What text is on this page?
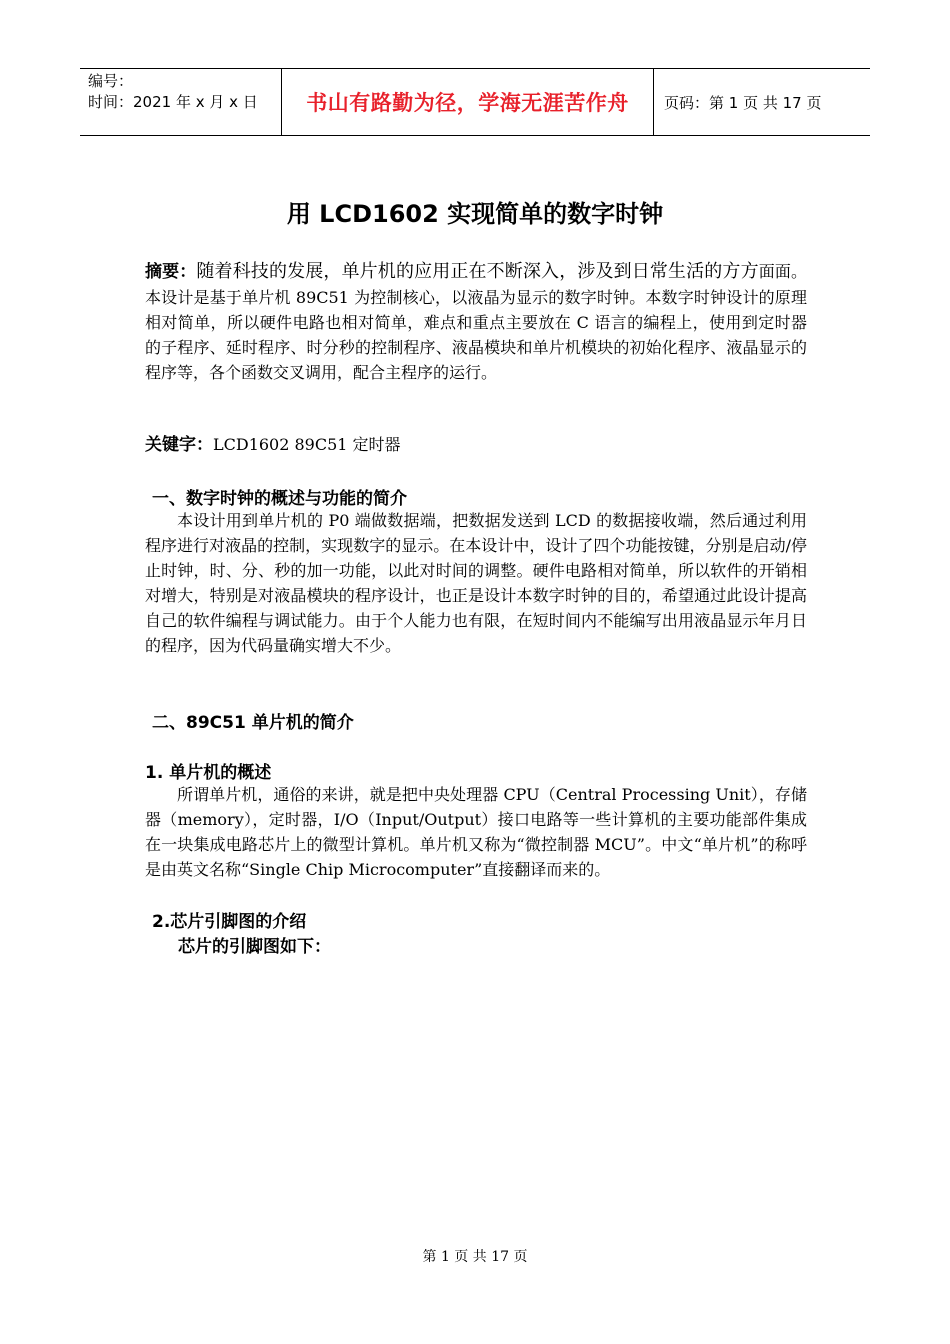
编号：
时间：2021 年 x 月 x 日	书山有路勤为径，学海无涯苦作舟	页码：第 1 页 共 17 页
用 LCD1602 实现简单的数字时钟
摘要：随着科技的发展，单片机的应用正在不断深入，涉及到日常生活的方方面面。本设计是基于单片机 89C51 为控制核心，以液晶为显示的数字时钟。本数字时钟设计的原理相对简单，所以硬件电路也相对简单，难点和重点主要放在 C 语言的编程上，使用到定时器的子程序、延时程序、时分秒的控制程序、液晶模块和单片机模块的初始化程序、液晶显示的程序等，各个函数交叉调用，配合主程序的运行。
关键字：LCD1602 89C51 定时器
一、数字时钟的概述与功能的简介
本设计用到单片机的 P0 端做数据端，把数据发送到 LCD 的数据接收端，然后通过利用程序进行对液晶的控制，实现数字的显示。在本设计中，设计了四个功能按键，分别是启动/停止时钟，时、分、秒的加一功能，以此对时间的调整。硬件电路相对简单，所以软件的开销相对增大，特别是对液晶模块的程序设计，也正是设计本数字时钟的目的，希望通过此设计提高自己的软件编程与调试能力。由于个人能力也有限，在短时间内不能编写出用液晶显示年月日的程序，因为代码量确实增大不少。
二、89C51 单片机的简介
1. 单片机的概述
所谓单片机，通俗的来讲，就是把中央处理器 CPU（Central Processing Unit），存储器（memory），定时器，I/O（Input/Output）接口电路等一些计算机的主要功能部件集成在一块集成电路芯片上的微型计算机。单片机又称为“微控制器 MCU”。中文“单片机”的称呼是由英文名称“Single Chip Microcomputer”直接翻译而来的。
2.芯片引脚图的介绍
芯片的引脚图如下：
第 1 页 共 17 页
